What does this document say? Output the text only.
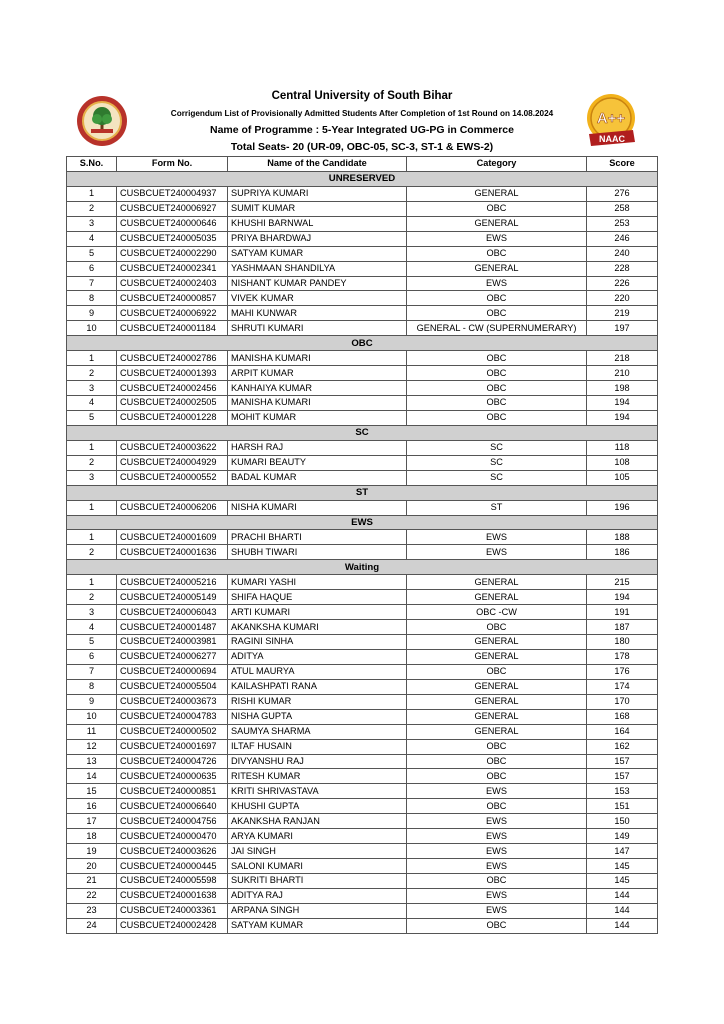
A++
NAAC
Central University of South Bihar
Corrigendum List of Provisionally Admitted Students After Completion of 1st Round on 14.08.2024
Name of Programme : 5-Year Integrated UG-PG in Commerce
Total Seats- 20 (UR-09, OBC-05, SC-3, ST-1 & EWS-2)
S.No.	Form No.	Name of the Candidate	Category	Score
UNRESERVED				
1	CUSBCUET240004937	SUPRIYA KUMARI	GENERAL	276
2	CUSBCUET240006927	SUMIT KUMAR	OBC	258
3	CUSBCUET240000646	KHUSHI BARNWAL	GENERAL	253
4	CUSBCUET240005035	PRIYA BHARDWAJ	EWS	246
5	CUSBCUET240002290	SATYAM KUMAR	OBC	240
6	CUSBCUET240002341	YASHMAAN SHANDILYA	GENERAL	228
7	CUSBCUET240002403	NISHANT KUMAR PANDEY	EWS	226
8	CUSBCUET240000857	VIVEK KUMAR	OBC	220
9	CUSBCUET240006922	MAHI KUNWAR	OBC	219
10	CUSBCUET240001184	SHRUTI KUMARI	GENERAL - CW (SUPERNUMERARY)	197
OBC				
1	CUSBCUET240002786	MANISHA KUMARI	OBC	218
2	CUSBCUET240001393	ARPIT KUMAR	OBC	210
3	CUSBCUET240002456	KANHAIYA KUMAR	OBC	198
4	CUSBCUET240002505	MANISHA KUMARI	OBC	194
5	CUSBCUET240001228	MOHIT KUMAR	OBC	194
SC				
1	CUSBCUET240003622	HARSH RAJ	SC	118
2	CUSBCUET240004929	KUMARI BEAUTY	SC	108
3	CUSBCUET240000552	BADAL KUMAR	SC	105
ST				
1	CUSBCUET240006206	NISHA KUMARI	ST	196
EWS				
1	CUSBCUET240001609	PRACHI BHARTI	EWS	188
2	CUSBCUET240001636	SHUBH TIWARI	EWS	186
Waiting				
1	CUSBCUET240005216	KUMARI YASHI	GENERAL	215
2	CUSBCUET240005149	SHIFA HAQUE	GENERAL	194
3	CUSBCUET240006043	ARTI KUMARI	OBC -CW	191
4	CUSBCUET240001487	AKANKSHA KUMARI	OBC	187
5	CUSBCUET240003981	RAGINI SINHA	GENERAL	180
6	CUSBCUET240006277	ADITYA	GENERAL	178
7	CUSBCUET240000694	ATUL MAURYA	OBC	176
8	CUSBCUET240005504	KAILASHPATI RANA	GENERAL	174
9	CUSBCUET240003673	RISHI KUMAR	GENERAL	170
10	CUSBCUET240004783	NISHA GUPTA	GENERAL	168
11	CUSBCUET240000502	SAUMYA SHARMA	GENERAL	164
12	CUSBCUET240001697	ILTAF HUSAIN	OBC	162
13	CUSBCUET240004726	DIVYANSHU RAJ	OBC	157
14	CUSBCUET240000635	RITESH KUMAR	OBC	157
15	CUSBCUET240000851	KRITI SHRIVASTAVA	EWS	153
16	CUSBCUET240006640	KHUSHI GUPTA	OBC	151
17	CUSBCUET240004756	AKANKSHA RANJAN	EWS	150
18	CUSBCUET240000470	ARYA KUMARI	EWS	149
19	CUSBCUET240003626	JAI SINGH	EWS	147
20	CUSBCUET240000445	SALONI KUMARI	EWS	145
21	CUSBCUET240005598	SUKRITI BHARTI	OBC	145
22	CUSBCUET240001638	ADITYA RAJ	EWS	144
23	CUSBCUET240003361	ARPANA SINGH	EWS	144
24	CUSBCUET240002428	SATYAM KUMAR	OBC	144
